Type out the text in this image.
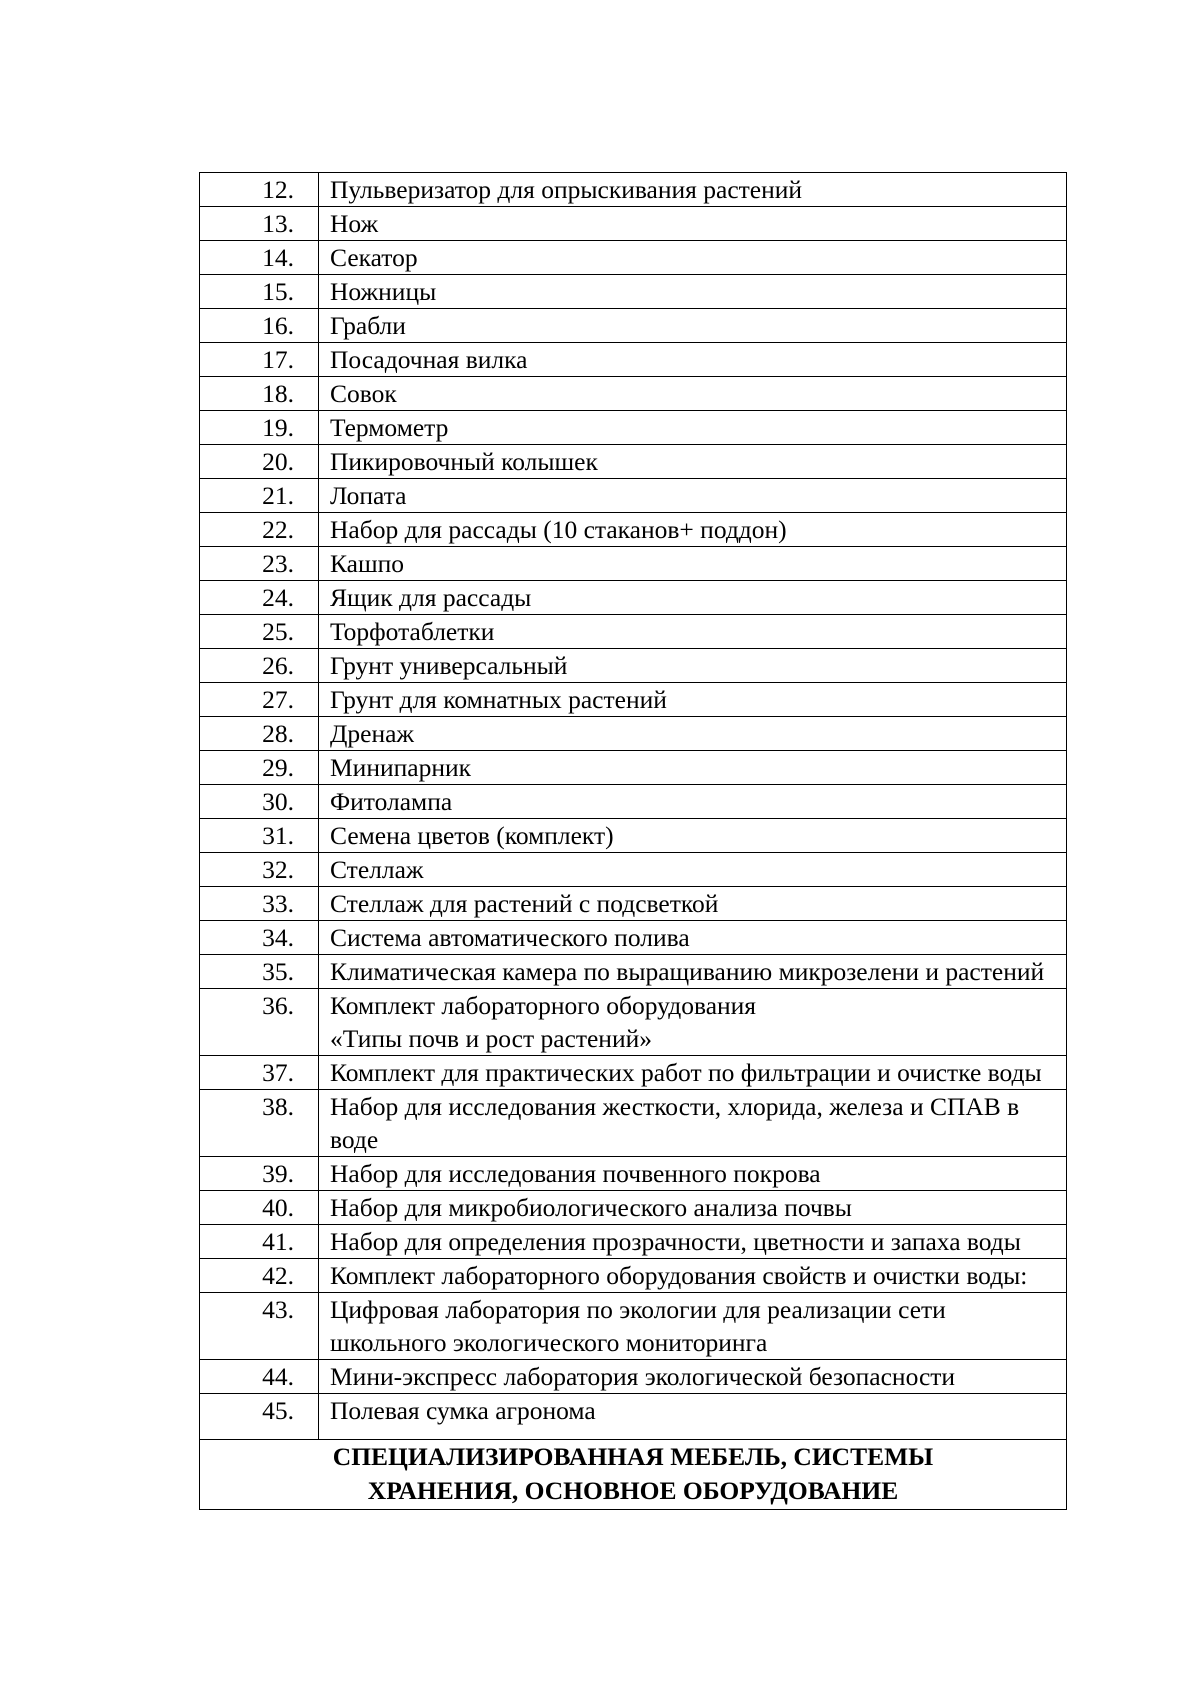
12.	Пульверизатор для опрыскивания растений
13.	Нож
14.	Секатор
15.	Ножницы
16.	Грабли
17.	Посадочная вилка
18.	Совок
19.	Термометр
20.	Пикировочный колышек
21.	Лопата
22.	Набор для рассады (10 стаканов+ поддон)
23.	Кашпо
24.	Ящик для рассады
25.	Торфотаблетки
26.	Грунт универсальный
27.	Грунт для комнатных растений
28.	Дренаж
29.	Минипарник
30.	Фитолампа
31.	Семена цветов (комплект)
32.	Стеллаж
33.	Стеллаж для растений с подсветкой
34.	Система автоматического полива
35.	Климатическая камера по выращиванию микрозелени и растений
36.	Комплект лабораторного оборудования
«Типы почв и рост растений»
37.	Комплект для практических работ по фильтрации и очистке воды
38.	Набор для исследования жесткости, хлорида, железа и СПАВ в воде
39.	Набор для исследования почвенного покрова
40.	Набор для микробиологического анализа почвы
41.	Набор для определения прозрачности, цветности и запаха воды
42.	Комплект лабораторного оборудования свойств и очистки воды:
43.	Цифровая лаборатория по экологии для реализации сети школьного экологического мониторинга
44.	Мини-экспресс лаборатория экологической безопасности
45.	Полевая сумка агронома
СПЕЦИАЛИЗИРОВАННАЯ МЕБЕЛЬ, СИСТЕМЫ
ХРАНЕНИЯ, ОСНОВНОЕ ОБОРУДОВАНИЕ	
